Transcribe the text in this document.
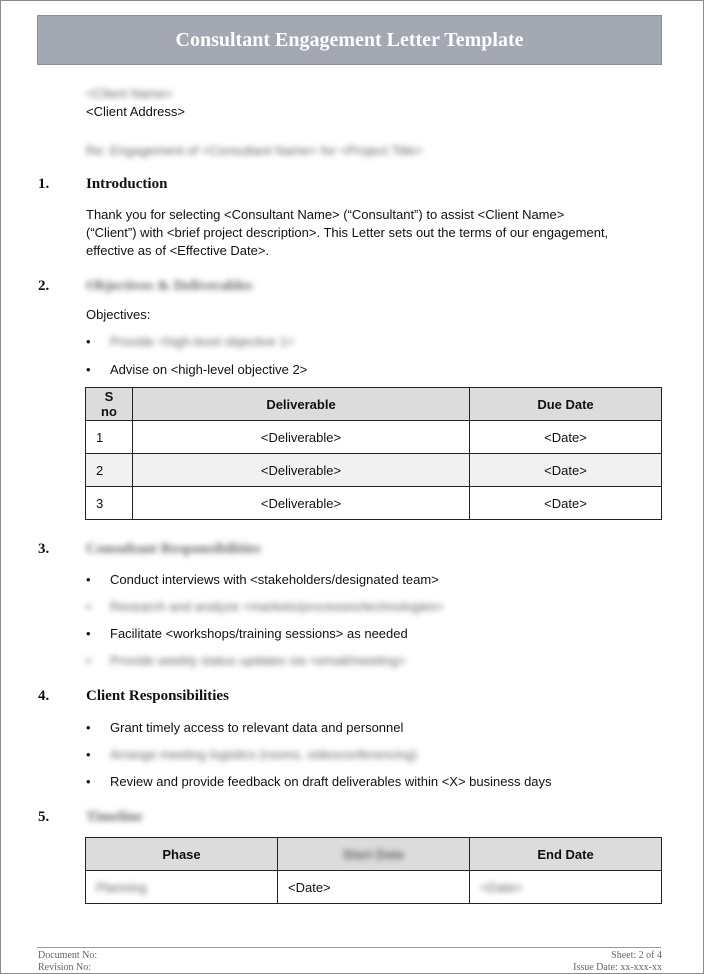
Consultant Engagement Letter Template
<Client Name>
<Client Address>
Re: Engagement of <Consultant Name> for <Project Title>
1. Introduction
Thank you for selecting <Consultant Name> (“Consultant”) to assist <Client Name>
(“Client”) with <brief project description>. This Letter sets out the terms of our engagement,
effective as of <Effective Date>.
2. Objectives & Deliverables
Objectives:
• Provide <high-level objective 1>
• Advise on <high-level objective 2>
S no	Deliverable	Due Date
1	<Deliverable>	<Date>
2	<Deliverable>	<Date>
3	<Deliverable>	<Date>
3. Consultant Responsibilities
• Conduct interviews with <stakeholders/designated team>
• Research and analyze <markets/processes/technologies>
• Facilitate <workshops/training sessions> as needed
• Provide weekly status updates via <email/meeting>
4. Client Responsibilities
• Grant timely access to relevant data and personnel
• Arrange meeting logistics (rooms, videoconferencing)
• Review and provide feedback on draft deliverables within <X> business days
5. Timeline
Phase	Start Date	End Date
Planning	<Date>	<Date>
Document No:
Revision No:
Sheet: 2 of 4
Issue Date: xx-xxx-xx
